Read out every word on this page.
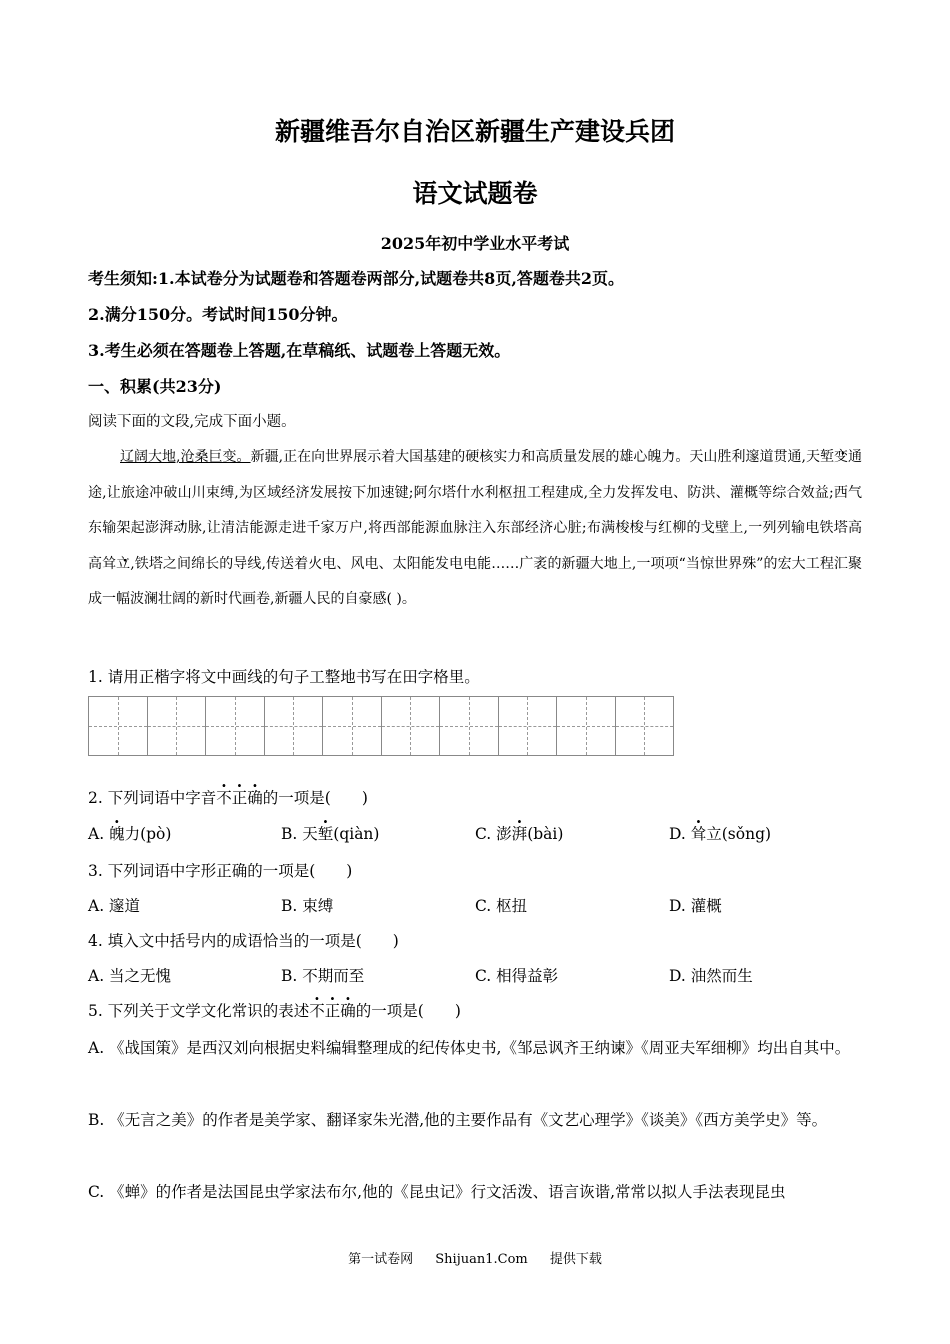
新疆维吾尔自治区新疆生产建设兵团
语文试题卷
2025年初中学业水平考试
考生须知:1.本试卷分为试题卷和答题卷两部分,试题卷共8页,答题卷共2页。
2.满分150分。考试时间150分钟。
3.考生必须在答题卷上答题,在草稿纸、试题卷上答题无效。
一、积累(共23分)
阅读下面的文段,完成下面小题。

辽阔大地,沧桑巨变。新疆,正在向世界展示着大国基建的硬核实力和高质量发展的雄心· 魄力。天山胜利邃道贯通,天· 堑变通途,让旅途冲破山川束缚,为区域经济发展按下加速键;阿尔塔什水利枢扭工程建成,全力发挥发电、防洪、灌概等综合效益;西气东输架起澎· 湃动脉,让清洁能源走进千家万户,将西部能源血脉注入东部经济心脏;布满梭梭与红柳的戈壁上,一列列输电铁塔高高· 耸立,铁塔之间绵长的导线,传送着火电、风电、太阳能发电电能……广袤的新疆大地上,一项项“当惊世界殊”的宏大工程汇聚成一幅波澜壮阔的新时代画卷,新疆人民的自豪感( )。

1. 请用正楷字将文中画线的句子工整地书写在田字格里。
2. 下列词语中字音不正确的一项是(　　)
A. 魄力(pò)	B. 天堑(qiàn)	C. 澎湃(bài)	D. 耸立(sǒng)
3. 下列词语中字形正确的一项是(　　)
A. 邃道	B. 束缚	C. 枢扭	D. 灌概
4. 填入文中括号内的成语恰当的一项是(　　)
A. 当之无愧	B. 不期而至	C. 相得益彰	D. 油然而生
5. 下列关于文学文化常识的表述不正确的一项是(　　)
A. 《战国策》是西汉刘向根据史料编辑整理成的纪传体史书,《邹忌讽齐王纳谏》《周亚夫军细柳》均出自其中。
B. 《无言之美》的作者是美学家、翻译家朱光潜,他的主要作品有《文艺心理学》《谈美》《西方美学史》等。
C. 《蝉》的作者是法国昆虫学家法布尔,他的《昆虫记》行文活泼、语言诙谐,常常以拟人手法表现昆虫
第一试卷网 Shijuan1.Com 提供下载
